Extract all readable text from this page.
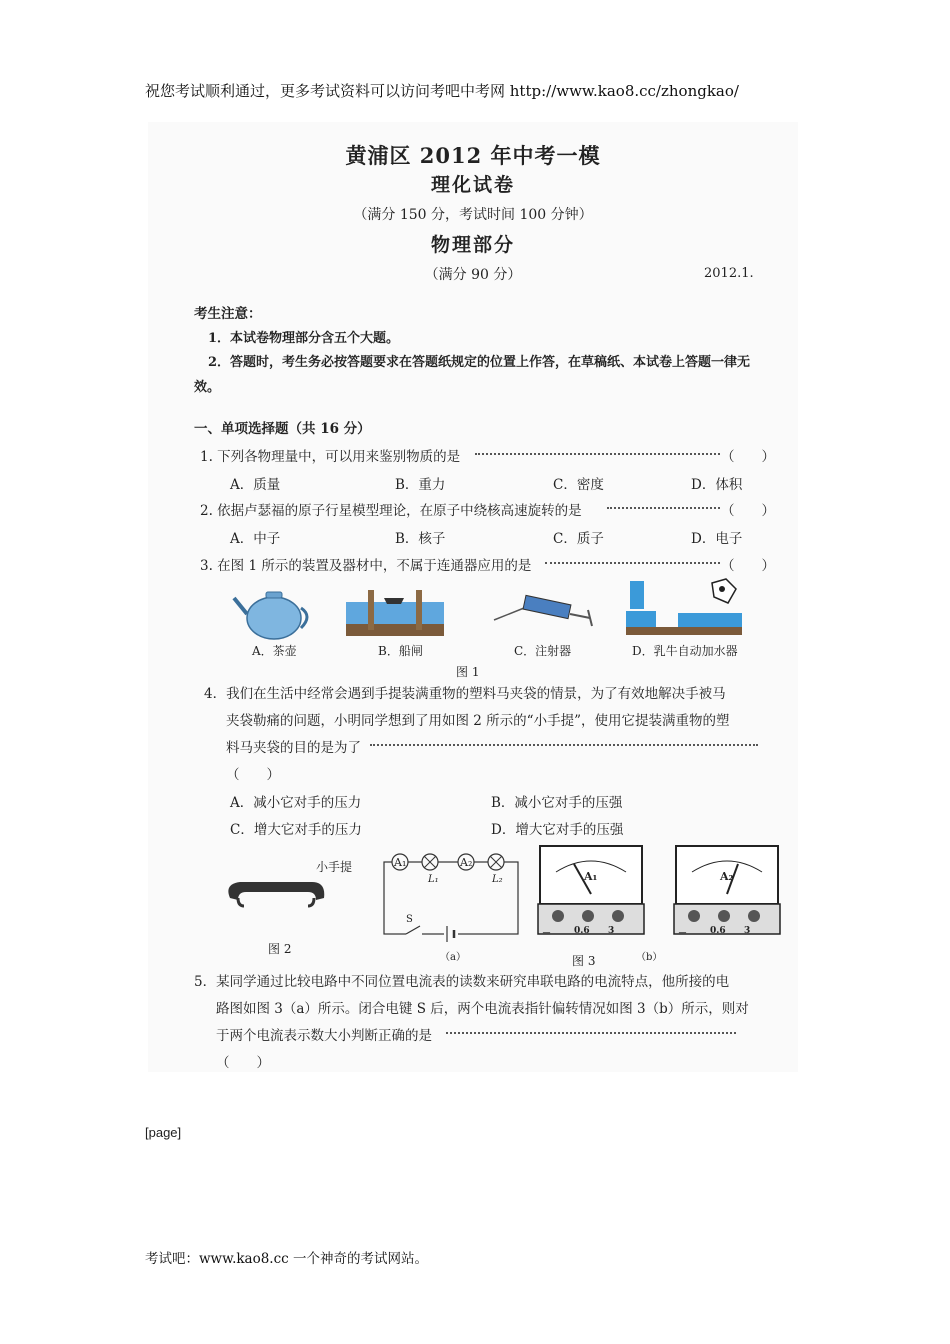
祝您考试顺利通过，更多考试资料可以访问考吧中考网 http://www.kao8.cc/zhongkao/
黄浦区 2012 年中考一模
理化试卷
（满分 150 分，考试时间 100 分钟）
物理部分
（满分 90 分）	2012.1.
考生注意：
1．本试卷物理部分含五个大题。
2．答题时，考生务必按答题要求在答题纸规定的位置上作答，在草稿纸、本试卷上答题一律无
效。
一、单项选择题（共 16 分）
1. 下列各物理量中，可以用来鉴别物质的是	（　　）
A．质量	B．重力	C．密度	D．体积
2. 依据卢瑟福的原子行星模型理论，在原子中绕核高速旋转的是	（　　）
A．中子	B．核子	C．质子	D．电子
3. 在图 1 所示的装置及器材中，不属于连通器应用的是	（　　）
A．茶壶	B．船闸	C．注射器	D．乳牛自动加水器
图 1
4．我们在生活中经常会遇到手提装满重物的塑料马夹袋的情景，为了有效地解决手被马
夹袋勒痛的问题，小明同学想到了用如图 2 所示的“小手提”，使用它提装满重物的塑
料马夹袋的目的是为了
（　　）
A．减小它对手的压力	B．减小它对手的压强
C．增大它对手的压力	D．增大它对手的压强
小手提
图 2
A₁	A₂
L₁	L₂
S
（a）
A₁
－	0.6 3
A₂
－	0.6 3
图 3	（b）
5．某同学通过比较电路中不同位置电流表的读数来研究串联电路的电流特点，他所接的电
路图如图 3（a）所示。闭合电键 S 后，两个电流表指针偏转情况如图 3（b）所示，则对
于两个电流表示数大小判断正确的是
（　　）
[page]
考试吧：www.kao8.cc 一个神奇的考试网站。
